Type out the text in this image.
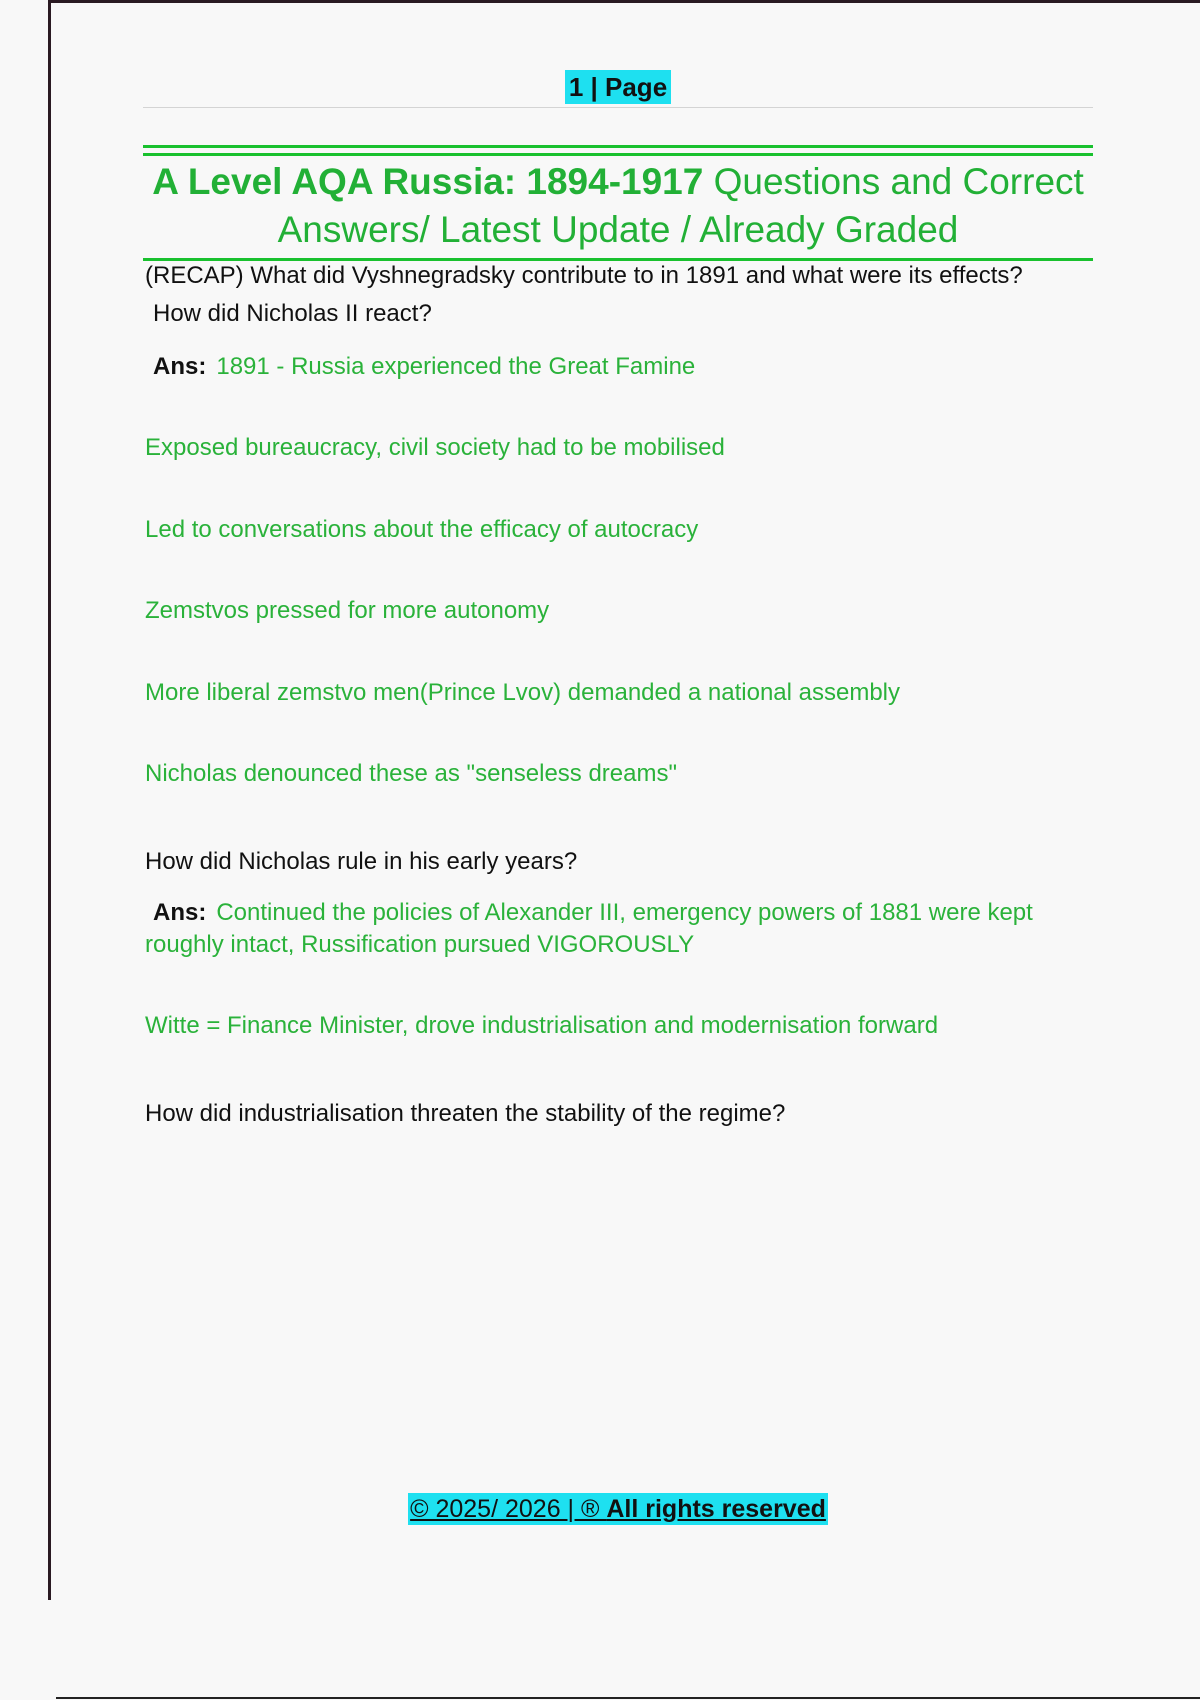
1 | Page
A Level AQA Russia: 1894-1917 Questions and Correct Answers/ Latest Update / Already Graded

(RECAP) What did Vyshnegradsky contribute to in 1891 and what were its effects? How did Nicholas II react?

Ans: 1891 - Russia experienced the Great Famine

Exposed bureaucracy, civil society had to be mobilised

Led to conversations about the efficacy of autocracy

Zemstvos pressed for more autonomy

More liberal zemstvo men(Prince Lvov) demanded a national assembly

Nicholas denounced these as "senseless dreams"

How did Nicholas rule in his early years?

Ans: Continued the policies of Alexander III, emergency powers of 1881 were kept roughly intact, Russification pursued VIGOROUSLY

Witte = Finance Minister, drove industrialisation and modernisation forward

How did industrialisation threaten the stability of the regime?

© 2025/ 2026 | ® All rights reserved
